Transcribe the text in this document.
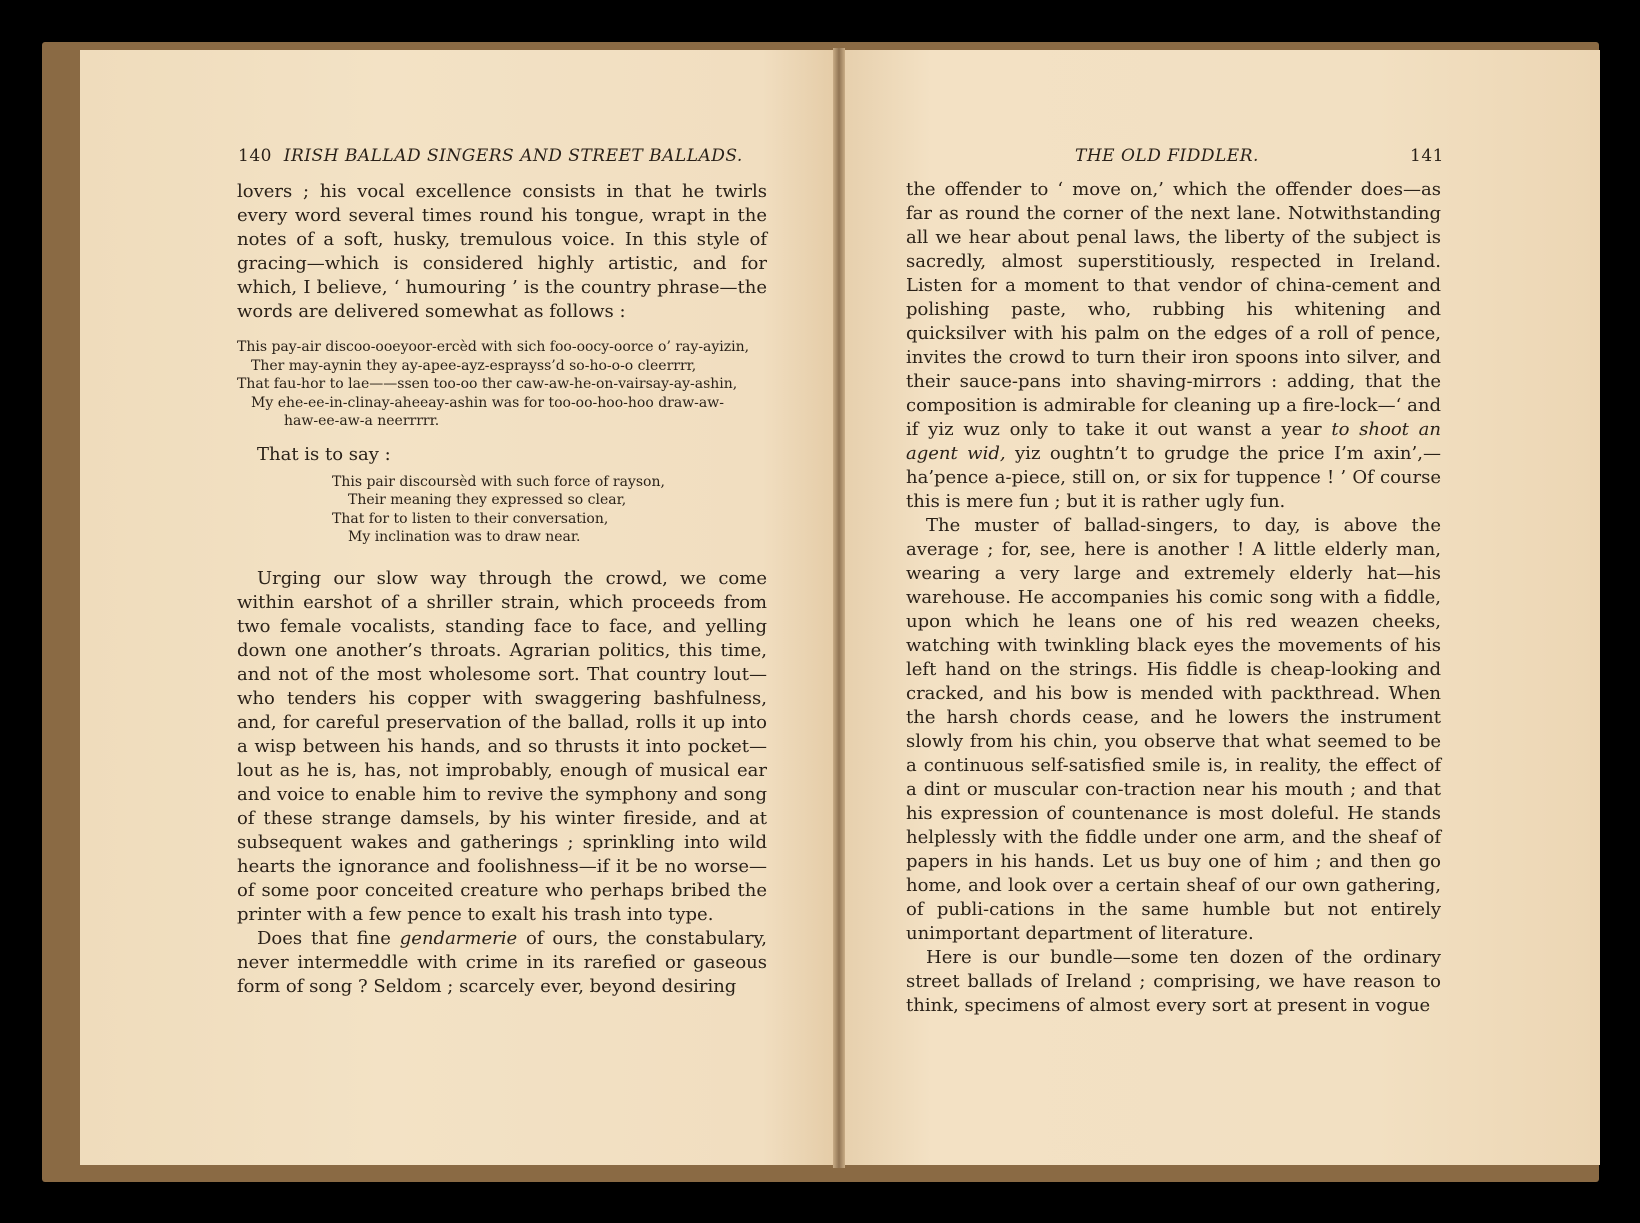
140 IRISH BALLAD SINGERS AND STREET BALLADS.

lovers ; his vocal excellence consists in that he twirls every word several times round his tongue, wrapt in the notes of a soft, husky, tremulous voice. In this style of gracing—which is considered highly artistic, and for which, I believe, ‘ humouring ’ is the country phrase—the words are delivered somewhat as follows :

This pay-air discoo-ooeyoor-ercèd with sich foo-oocy-oorce o’ ray-ayizin,
Ther may-aynin they ay-apee-ayz-esprayss’d so-ho-o-o cleerrrr,
That fau-hor to lae——ssen too-oo ther caw-aw-he-on-vairsay-ay-ashin,
My ehe-ee-in-clinay-aheeay-ashin was for too-oo-hoo-hoo draw-aw-
haw-ee-aw-a neerrrrr.

That is to say :

This pair discoursèd with such force of rayson,
Their meaning they expressed so clear,
That for to listen to their conversation,
My inclination was to draw near.

Urging our slow way through the crowd, we come within earshot of a shriller strain, which proceeds from two female vocalists, standing face to face, and yelling down one another’s throats. Agrarian politics, this time, and not of the most wholesome sort. That country lout—who tenders his copper with swaggering bashfulness, and, for careful preservation of the ballad, rolls it up into a wisp between his hands, and so thrusts it into pocket—lout as he is, has, not improbably, enough of musical ear and voice to enable him to revive the symphony and song of these strange damsels, by his winter fireside, and at subsequent wakes and gatherings ; sprinkling into wild hearts the ignorance and foolishness—if it be no worse—of some poor conceited creature who perhaps bribed the printer with a few pence to exalt his trash into type.

Does that fine gendarmerie of ours, the constabulary, never intermeddle with crime in its rarefied or gaseous form of song ? Seldom ; scarcely ever, beyond desiring

THE OLD FIDDLER.	141

the offender to ‘ move on,’ which the offender does—as far as round the corner of the next lane. Notwithstanding all we hear about penal laws, the liberty of the subject is sacredly, almost superstitiously, respected in Ireland. Listen for a moment to that vendor of china-cement and polishing paste, who, rubbing his whitening and quicksilver with his palm on the edges of a roll of pence, invites the crowd to turn their iron spoons into silver, and their sauce-pans into shaving-mirrors : adding, that the composition is admirable for cleaning up a fire-lock—‘ and if yiz wuz only to take it out wanst a year to shoot an agent wid, yiz oughtn’t to grudge the price I’m axin’,—ha’pence a-piece, still on, or six for tuppence ! ’ Of course this is mere fun ; but it is rather ugly fun.

The muster of ballad-singers, to day, is above the average ; for, see, here is another ! A little elderly man, wearing a very large and extremely elderly hat—his warehouse. He accompanies his comic song with a fiddle, upon which he leans one of his red weazen cheeks, watching with twinkling black eyes the movements of his left hand on the strings. His fiddle is cheap-looking and cracked, and his bow is mended with packthread. When the harsh chords cease, and he lowers the instrument slowly from his chin, you observe that what seemed to be a continuous self-satisfied smile is, in reality, the effect of a dint or muscular con-traction near his mouth ; and that his expression of countenance is most doleful. He stands helplessly with the fiddle under one arm, and the sheaf of papers in his hands. Let us buy one of him ; and then go home, and look over a certain sheaf of our own gathering, of publi-cations in the same humble but not entirely unimportant department of literature.

Here is our bundle—some ten dozen of the ordinary street ballads of Ireland ; comprising, we have reason to think, specimens of almost every sort at present in vogue
